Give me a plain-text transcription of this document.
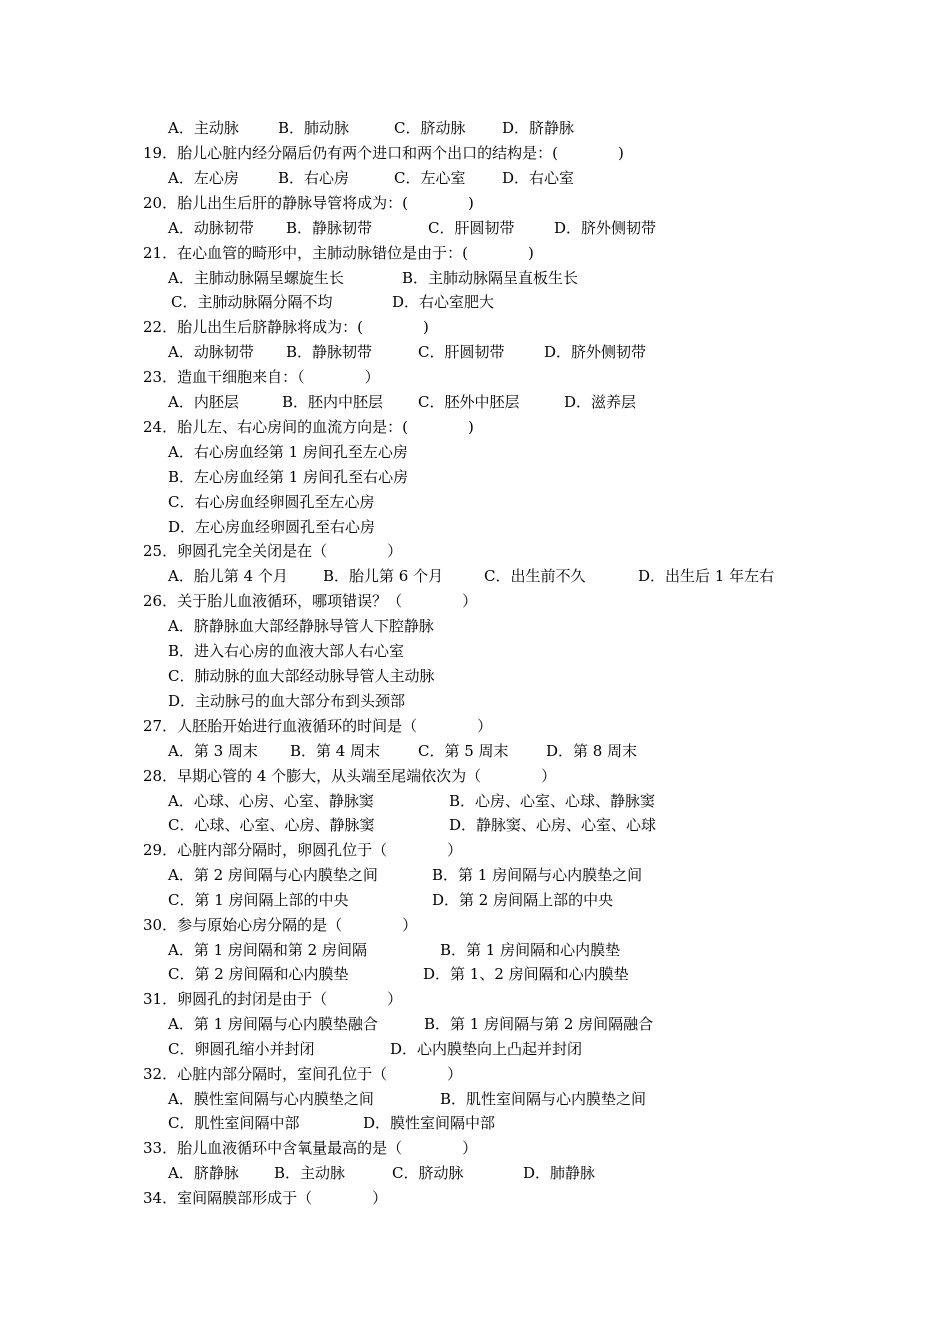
A．主动脉	B．肺动脉	C．脐动脉 D．脐静脉
19．胎儿心脏内经分隔后仍有两个进口和两个出口的结构是：(　　　　)
A．左心房	B．右心房	C．左心室 D．右心室
20．胎儿出生后肝的静脉导管将成为：(　　　　)
A．动脉韧带 B．静脉韧带	C．肝圆韧带	D．脐外侧韧带
21．在心血管的畸形中，主肺动脉错位是由于：(　　　　)
A．主肺动脉隔呈螺旋生长	B．主肺动脉隔呈直板生长
C．主肺动脉隔分隔不均	D．右心室肥大
22．胎儿出生后脐静脉将成为：(　　　　)
A．动脉韧带 B．静脉韧带	C．肝圆韧带	D．脐外侧韧带
23．造血干细胞来自：（　　　　）
A．内胚层	B．胚内中胚层 C．胚外中胚层	D．滋养层
24．胎儿左、右心房间的血流方向是：(　　　　)
A．右心房血经第 1 房间孔至左心房
B．左心房血经第 1 房间孔至右心房
C．右心房血经卵圆孔至左心房
D．左心房血经卵圆孔至右心房
25．卵圆孔完全关闭是在（　　　　）
A．胎儿第 4 个月 B．胎儿第 6 个月	C．出生前不久	D．出生后 1 年左右
26．关于胎儿血液循环，哪项错误？（　　　　）
A．脐静脉血大部经静脉导管人下腔静脉
B．进入右心房的血液大部人右心室
C．肺动脉的血大部经动脉导管人主动脉
D．主动脉弓的血大部分布到头颈部
27．人胚胎开始进行血液循环的时间是（　　　　）
A．第 3 周末 B．第 4 周末	C．第 5 周末 D．第 8 周末
28．早期心管的 4 个膨大，从头端至尾端依次为（　　　　）
A．心球、心房、心室、静脉窦	B．心房、心室、心球、静脉窦
C．心球、心室、心房、静脉窦	D．静脉窦、心房、心室、心球
29．心脏内部分隔时，卵圆孔位于（　　　　）
A．第 2 房间隔与心内膜垫之间	B．第 1 房间隔与心内膜垫之间
C．第 1 房间隔上部的中央	D．第 2 房间隔上部的中央
30．参与原始心房分隔的是（　　　　）
A．第 1 房间隔和第 2 房间隔	B．第 1 房间隔和心内膜垫
C．第 2 房间隔和心内膜垫	D．第 1、2 房间隔和心内膜垫
31．卵圆孔的封闭是由于（　　　　）
A．第 1 房间隔与心内膜垫融合	B．第 1 房间隔与第 2 房间隔融合
C．卵圆孔缩小并封闭	D．心内膜垫向上凸起并封闭
32．心脏内部分隔时，室间孔位于（　　　　）
A．膜性室间隔与心内膜垫之间	B．肌性室间隔与心内膜垫之间
C．肌性室间隔中部	D．膜性室间隔中部
33．胎儿血液循环中含氧量最高的是（　　　　）
A．脐静脉 B．主动脉	C．脐动脉	D．肺静脉
34．室间隔膜部形成于（　　　　）
